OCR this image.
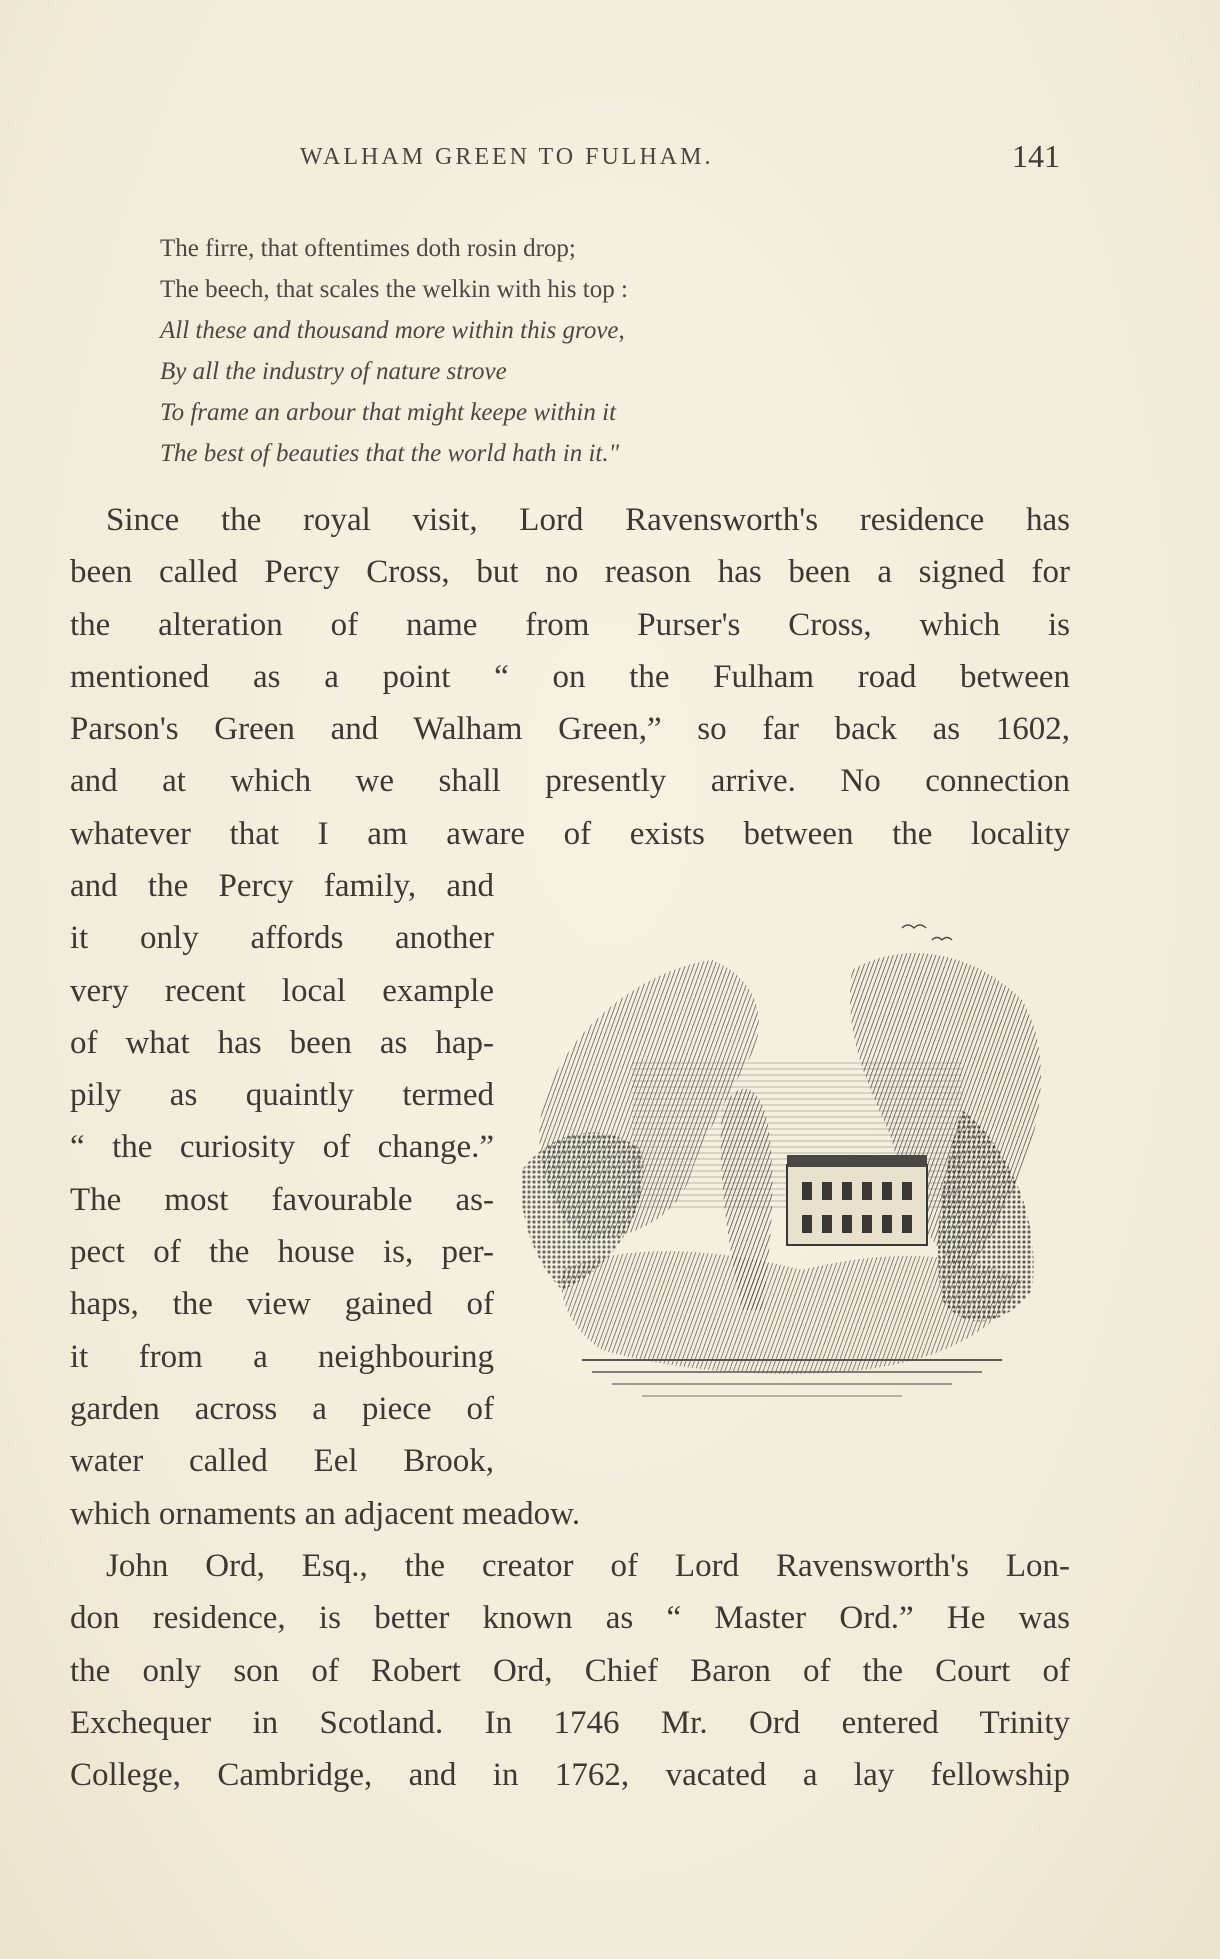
WALHAM GREEN TO FULHAM.	141
The firre, that oftentimes doth rosin drop;
The beech, that scales the welkin with his top :
All these and thousand more within this grove,
By all the industry of nature strove
To frame an arbour that might keepe within it
The best of beauties that the world hath in it."
Since the royal visit, Lord Ravensworth's residence has
been called Percy Cross, but no reason has been a signed for
the alteration of name from Purser's Cross, which is
mentioned as a point “ on the Fulham road between
Parson's Green and Walham Green,” so far back as 1602,
and at which we shall presently arrive. No connection
whatever that I am aware of exists between the locality
and the Percy family, and
it only affords another
very recent local example
of what has been as hap-
pily as quaintly termed
“ the curiosity of change.”
The most favourable as-
pect of the house is, per-
haps, the view gained of
it from a neighbouring
garden across a piece of
water called Eel Brook,
which ornaments an adjacent meadow.
John Ord, Esq., the creator of Lord Ravensworth's Lon-
don residence, is better known as “ Master Ord.” He was
the only son of Robert Ord, Chief Baron of the Court of
Exchequer in Scotland. In 1746 Mr. Ord entered Trinity
College, Cambridge, and in 1762, vacated a lay fellowship
